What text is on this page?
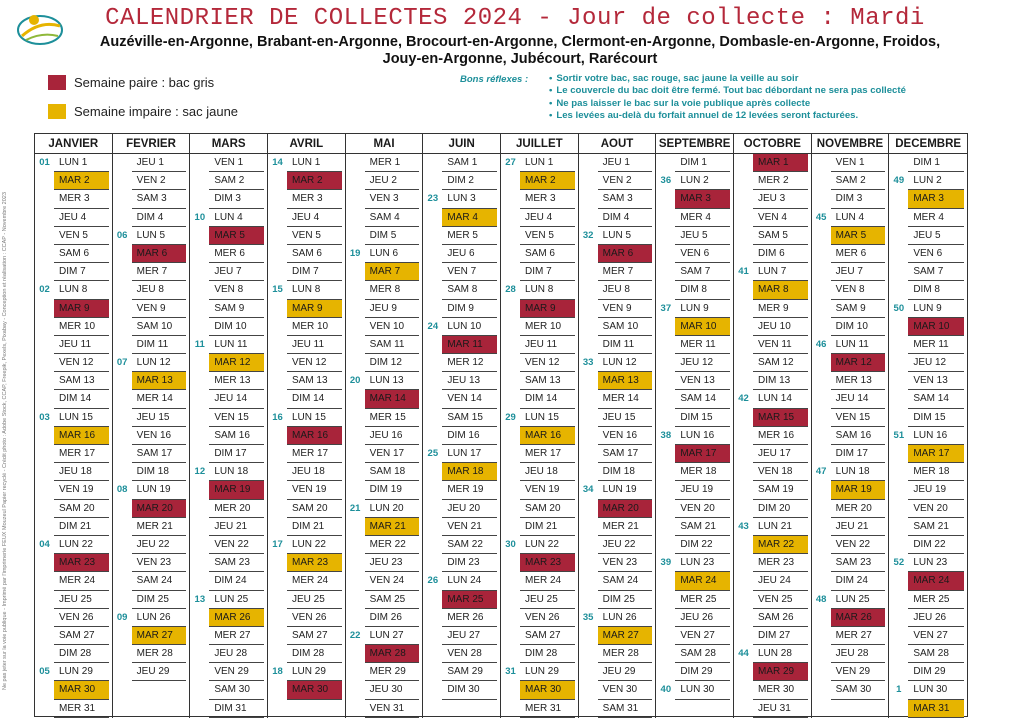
Ne pas jeter sur la voie publique - Imprimé par l'imprimerie FEUX Mouzeul Papier recyclé - Crédit photo : Adobe Stock, CCAP, Freepik, Pexels, Pixabay - Conception et réalisation : CCAP - Novembre 2023
CALENDRIER DE COLLECTES 2024 - Jour de collecte : Mardi
Auzéville-en-Argonne, Brabant-en-Argonne, Brocourt-en-Argonne, Clermont-en-Argonne, Dombasle-en-Argonne, Froidos,
Jouy-en-Argonne, Jubécourt, Rarécourt
Semaine paire : bac gris
Semaine impaire : sac jaune
Bons réflexes :
•	Sortir votre bac, sac rouge, sac jaune la veille au soir
• Le couvercle du bac doit être fermé. Tout bac débordant ne sera pas collecté
• Ne pas laisser le bac sur la voie publique après collecte
• Les levées au-delà du forfait annuel de 12 levées seront facturées.
JANVIER
01 LUN 1
MAR 2
MER 3
JEU 4
VEN 5
SAM 6
DIM 7
02 LUN 8
MAR 9
MER 10
JEU 11
VEN 12
SAM 13
DIM 14
03 LUN 15
MAR 16
MER 17
JEU 18
VEN 19
SAM 20
DIM 21
04 LUN 22
MAR 23
MER 24
JEU 25
VEN 26
SAM 27
DIM 28
05 LUN 29
MAR 30
MER 31
FEVRIER
JEU 1
VEN 2
SAM 3
DIM 4
06 LUN 5
MAR 6
MER 7
JEU 8
VEN 9
SAM 10
DIM 11
07 LUN 12
MAR 13
MER 14
JEU 15
VEN 16
SAM 17
DIM 18
08 LUN 19
MAR 20
MER 21
JEU 22
VEN 23
SAM 24
DIM 25
09 LUN 26
MAR 27
MER 28
JEU 29
MARS
VEN 1
SAM 2
DIM 3
10 LUN 4
MAR 5
MER 6
JEU 7
VEN 8
SAM 9
DIM 10
11 LUN 11
MAR 12
MER 13
JEU 14
VEN 15
SAM 16
DIM 17
12 LUN 18
MAR 19
MER 20
JEU 21
VEN 22
SAM 23
DIM 24
13 LUN 25
MAR 26
MER 27
JEU 28
VEN 29
SAM 30
DIM 31
AVRIL
14 LUN 1
MAR 2
MER 3
JEU 4
VEN 5
SAM 6
DIM 7
15 LUN 8
MAR 9
MER 10
JEU 11
VEN 12
SAM 13
DIM 14
16 LUN 15
MAR 16
MER 17
JEU 18
VEN 19
SAM 20
DIM 21
17 LUN 22
MAR 23
MER 24
JEU 25
VEN 26
SAM 27
DIM 28
18 LUN 29
MAR 30
MAI
MER 1
JEU 2
VEN 3
SAM 4
DIM 5
19 LUN 6
MAR 7
MER 8
JEU 9
VEN 10
SAM 11
DIM 12
20 LUN 13
MAR 14
MER 15
JEU 16
VEN 17
SAM 18
DIM 19
21 LUN 20
MAR 21
MER 22
JEU 23
VEN 24
SAM 25
DIM 26
22 LUN 27
MAR 28
MER 29
JEU 30
VEN 31
JUIN
SAM 1
DIM 2
23 LUN 3
MAR 4
MER 5
JEU 6
VEN 7
SAM 8
DIM 9
24 LUN 10
MAR 11
MER 12
JEU 13
VEN 14
SAM 15
DIM 16
25 LUN 17
MAR 18
MER 19
JEU 20
VEN 21
SAM 22
DIM 23
26 LUN 24
MAR 25
MER 26
JEU 27
VEN 28
SAM 29
DIM 30
JUILLET
27 LUN 1
MAR 2
MER 3
JEU 4
VEN 5
SAM 6
DIM 7
28 LUN 8
MAR 9
MER 10
JEU 11
VEN 12
SAM 13
DIM 14
29 LUN 15
MAR 16
MER 17
JEU 18
VEN 19
SAM 20
DIM 21
30 LUN 22
MAR 23
MER 24
JEU 25
VEN 26
SAM 27
DIM 28
31 LUN 29
MAR 30
MER 31
AOUT
JEU 1
VEN 2
SAM 3
DIM 4
32 LUN 5
MAR 6
MER 7
JEU 8
VEN 9
SAM 10
DIM 11
33 LUN 12
MAR 13
MER 14
JEU 15
VEN 16
SAM 17
DIM 18
34 LUN 19
MAR 20
MER 21
JEU 22
VEN 23
SAM 24
DIM 25
35 LUN 26
MAR 27
MER 28
JEU 29
VEN 30
SAM 31
SEPTEMBRE
DIM 1
36 LUN 2
MAR 3
MER 4
JEU 5
VEN 6
SAM 7
DIM 8
37 LUN 9
MAR 10
MER 11
JEU 12
VEN 13
SAM 14
DIM 15
38 LUN 16
MAR 17
MER 18
JEU 19
VEN 20
SAM 21
DIM 22
39 LUN 23
MAR 24
MER 25
JEU 26
VEN 27
SAM 28
DIM 29
40 LUN 30
OCTOBRE
MAR 1
MER 2
JEU 3
VEN 4
SAM 5
DIM 6
41 LUN 7
MAR 8
MER 9
JEU 10
VEN 11
SAM 12
DIM 13
42 LUN 14
MAR 15
MER 16
JEU 17
VEN 18
SAM 19
DIM 20
43 LUN 21
MAR 22
MER 23
JEU 24
VEN 25
SAM 26
DIM 27
44 LUN 28
MAR 29
MER 30
JEU 31
NOVEMBRE
VEN 1
SAM 2
DIM 3
45 LUN 4
MAR 5
MER 6
JEU 7
VEN 8
SAM 9
DIM 10
46 LUN 11
MAR 12
MER 13
JEU 14
VEN 15
SAM 16
DIM 17
47 LUN 18
MAR 19
MER 20
JEU 21
VEN 22
SAM 23
DIM 24
48 LUN 25
MAR 26
MER 27
JEU 28
VEN 29
SAM 30
DECEMBRE
DIM 1
49 LUN 2
MAR 3
MER 4
JEU 5
VEN 6
SAM 7
DIM 8
50 LUN 9
MAR 10
MER 11
JEU 12
VEN 13
SAM 14
DIM 15
51 LUN 16
MAR 17
MER 18
JEU 19
VEN 20
SAM 21
DIM 22
52 LUN 23
MAR 24
MER 25
JEU 26
VEN 27
SAM 28
DIM 29
1	LUN 30
MAR 31
